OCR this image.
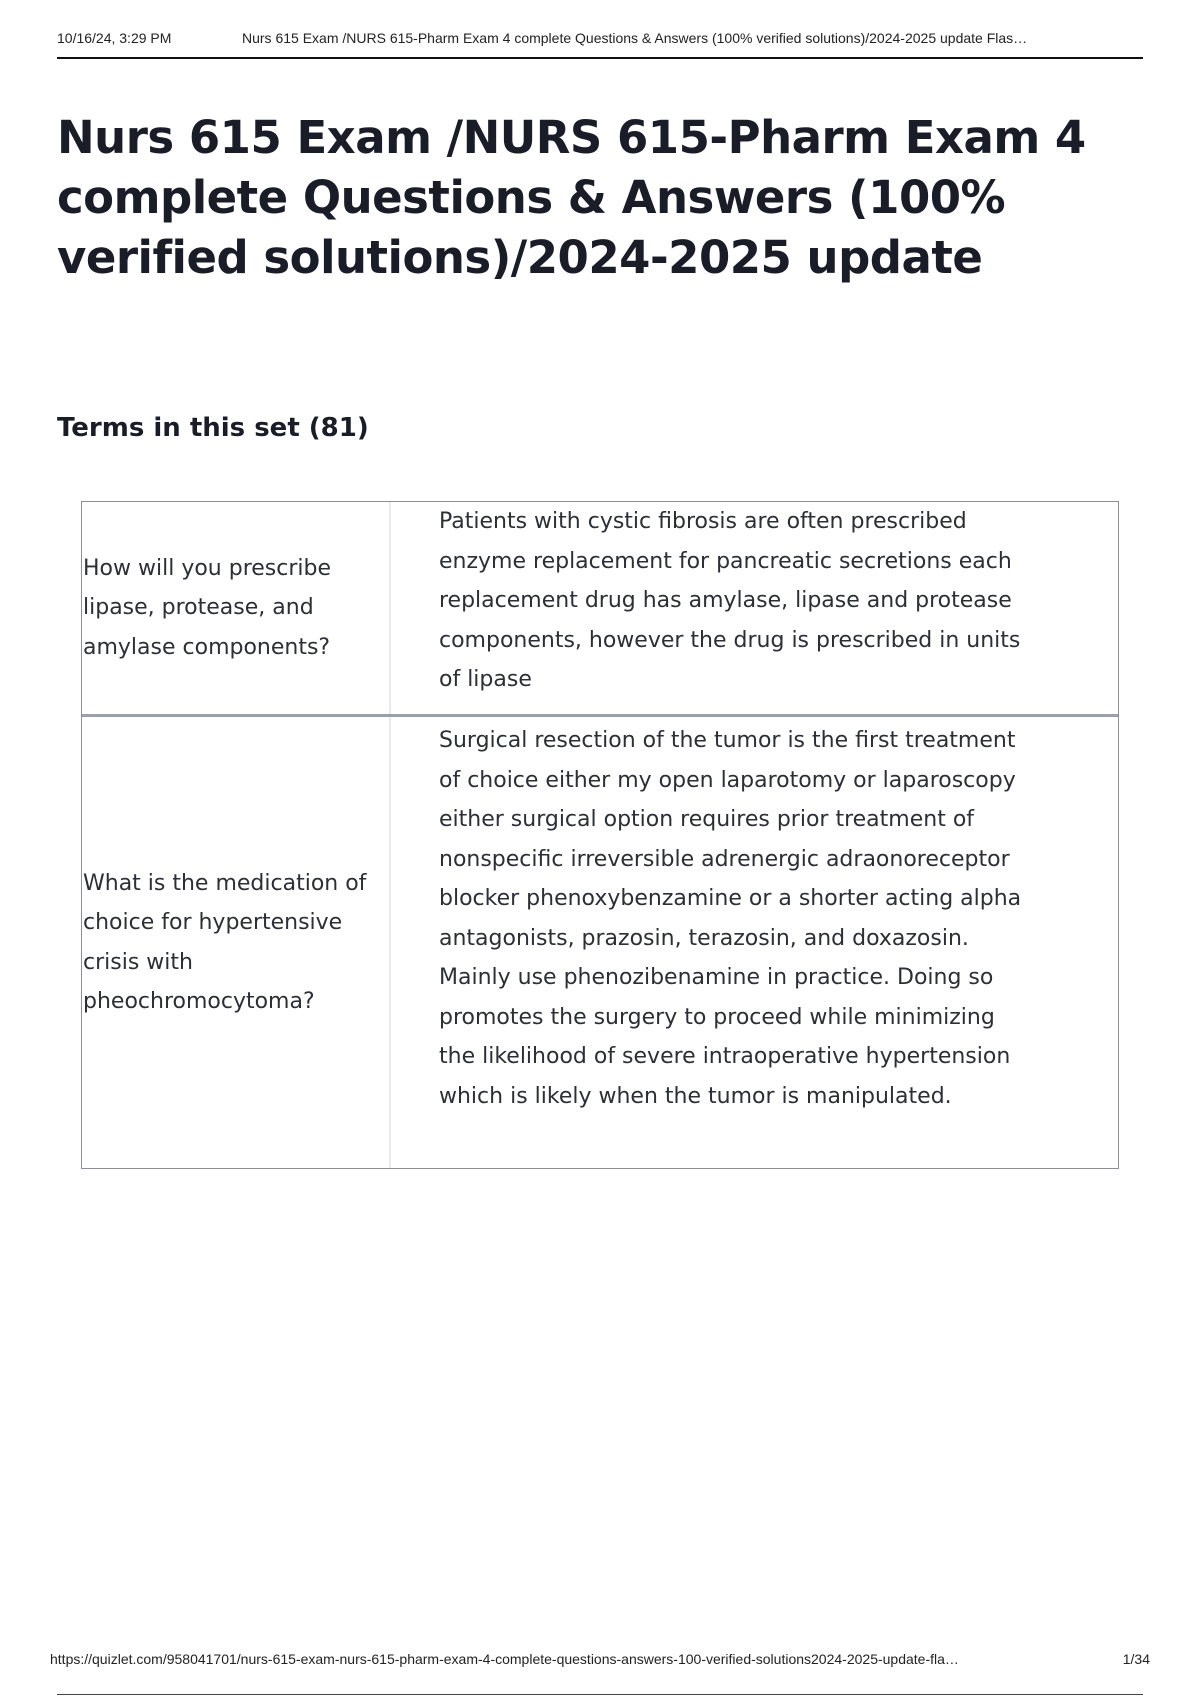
10/16/24, 3:29 PM	Nurs 615 Exam /NURS 615-Pharm Exam 4 complete Questions & Answers (100% verified solutions)/2024-2025 update Flas…
Nurs 615 Exam /NURS 615-Pharm Exam 4 complete Questions & Answers (100% verified solutions)/2024-2025 update
Terms in this set (81)
How will you prescribe lipase, protease, and amylase components?
Patients with cystic fibrosis are often prescribed enzyme replacement for pancreatic secretions each replacement drug has amylase, lipase and protease components, however the drug is prescribed in units of lipase
What is the medication of choice for hypertensive crisis with pheochromocytoma?
Surgical resection of the tumor is the first treatment of choice either my open laparotomy or laparoscopy either surgical option requires prior treatment of nonspecific irreversible adrenergic adraonoreceptor blocker phenoxybenzamine or a shorter acting alpha antagonists, prazosin, terazosin, and doxazosin. Mainly use phenozibenamine in practice. Doing so promotes the surgery to proceed while minimizing the likelihood of severe intraoperative hypertension which is likely when the tumor is manipulated.
https://quizlet.com/958041701/nurs-615-exam-nurs-615-pharm-exam-4-complete-questions-answers-100-verified-solutions2024-2025-update-fla…	1/34
